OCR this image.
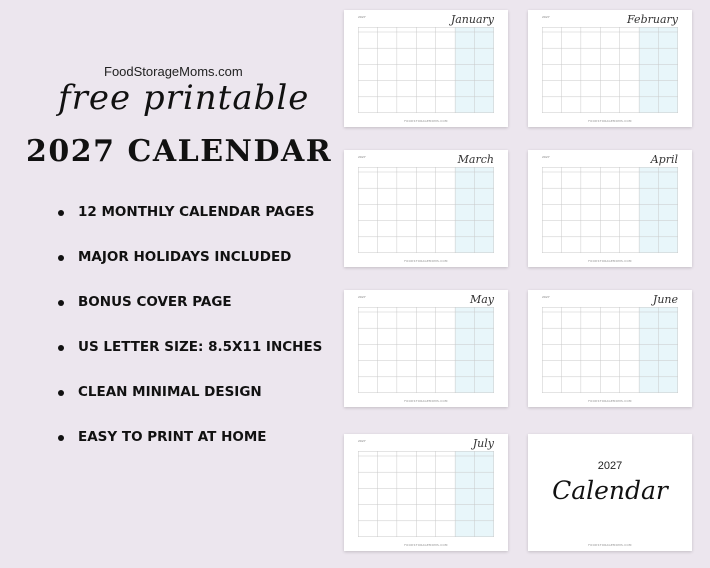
FoodStorageMoms.com
free printable
2027 CALENDAR
12 MONTHLY CALENDAR PAGES
MAJOR HOLIDAYS INCLUDED
BONUS COVER PAGE
US LETTER SIZE: 8.5X11 INCHES
CLEAN MINIMAL DESIGN
EASY TO PRINT AT HOME
2027	January
FOODSTORAGEMOMS.COM
2027	February
FOODSTORAGEMOMS.COM
2027	March
FOODSTORAGEMOMS.COM
2027	April
FOODSTORAGEMOMS.COM
2027	May
FOODSTORAGEMOMS.COM
2027	June
FOODSTORAGEMOMS.COM
2027	July
FOODSTORAGEMOMS.COM
2027
Calendar
FOODSTORAGEMOMS.COM
